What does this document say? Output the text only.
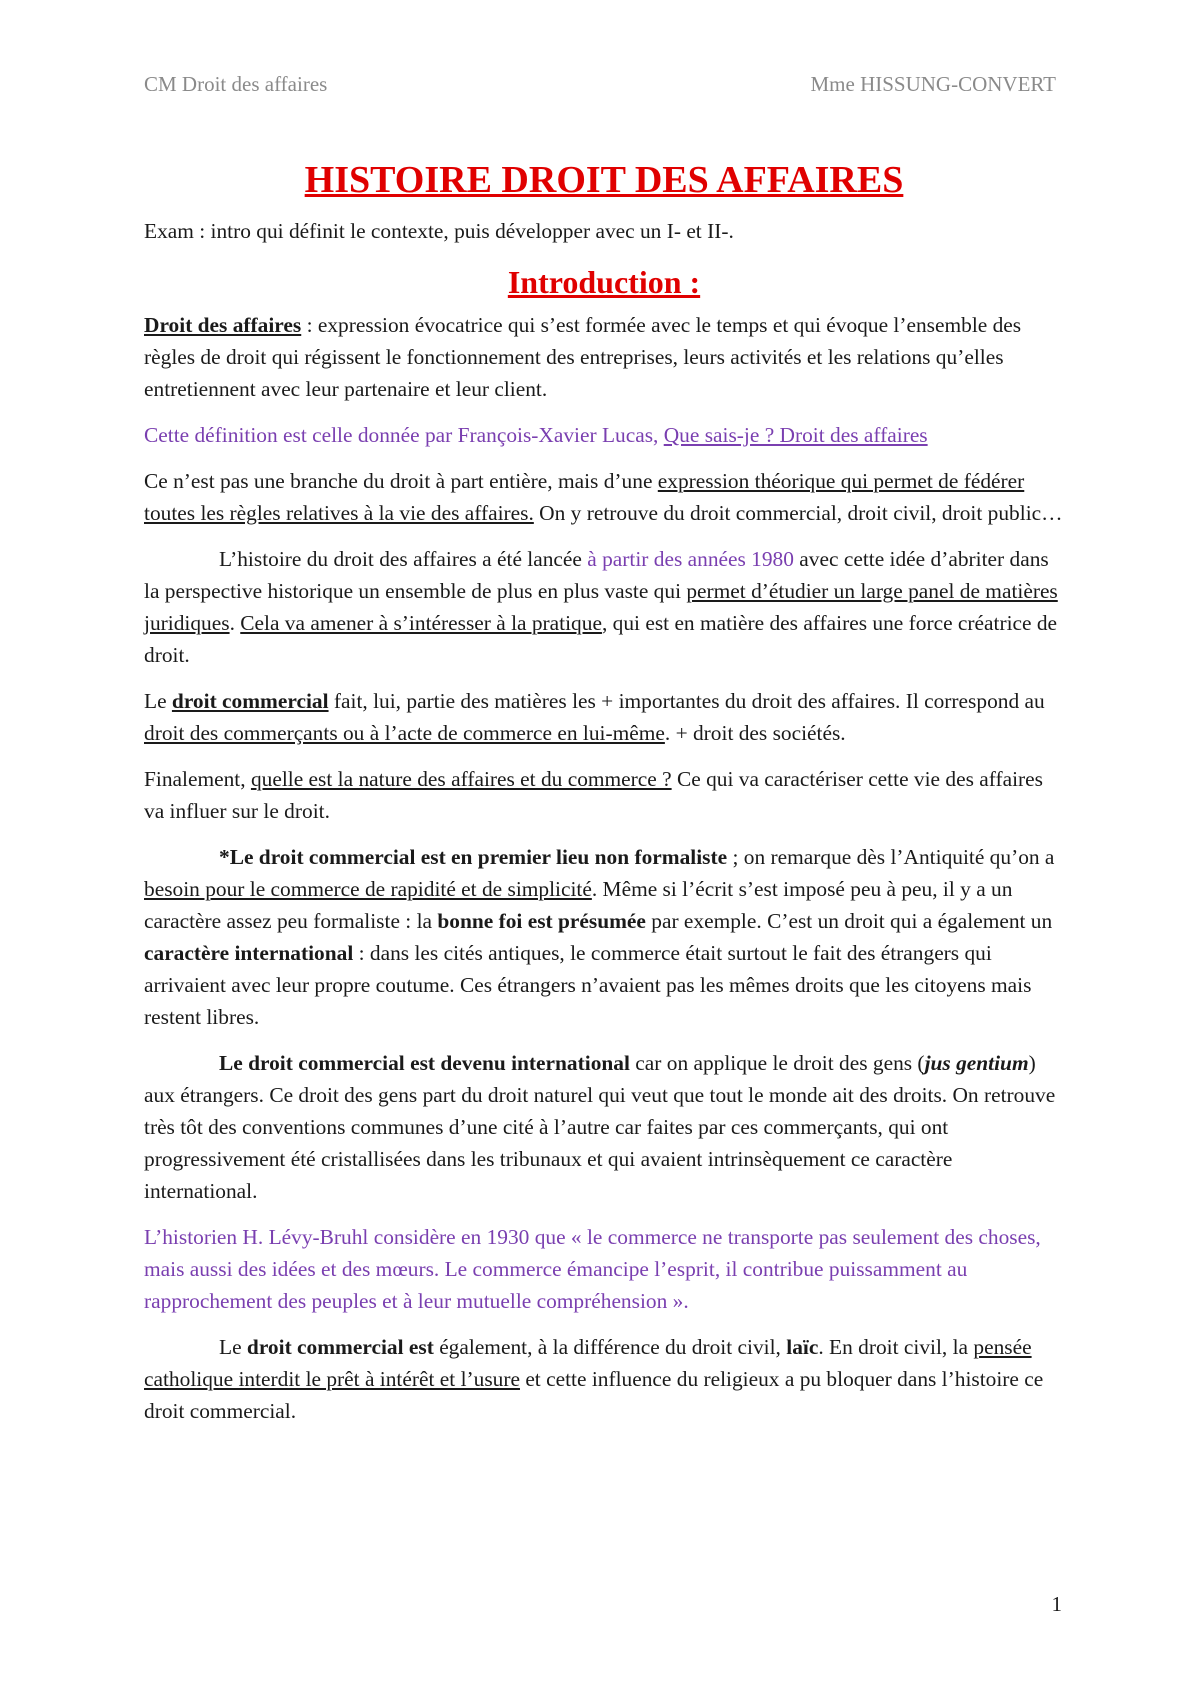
CM Droit des affaires	Mme HISSUNG-CONVERT
HISTOIRE DROIT DES AFFAIRES

Exam : intro qui définit le contexte, puis développer avec un I- et II-.

Introduction :

Droit des affaires : expression évocatrice qui s’est formée avec le temps et qui évoque l’ensemble des règles de droit qui régissent le fonctionnement des entreprises, leurs activités et les relations qu’elles entretiennent avec leur partenaire et leur client.

Cette définition est celle donnée par François-Xavier Lucas, Que sais-je ? Droit des affaires

Ce n’est pas une branche du droit à part entière, mais d’une expression théorique qui permet de fédérer toutes les règles relatives à la vie des affaires. On y retrouve du droit commercial, droit civil, droit public…

L’histoire du droit des affaires a été lancée à partir des années 1980 avec cette idée d’abriter dans la perspective historique un ensemble de plus en plus vaste qui permet d’étudier un large panel de matières juridiques. Cela va amener à s’intéresser à la pratique, qui est en matière des affaires une force créatrice de droit.

Le droit commercial fait, lui, partie des matières les + importantes du droit des affaires. Il correspond au droit des commerçants ou à l’acte de commerce en lui-même. + droit des sociétés.

Finalement, quelle est la nature des affaires et du commerce ? Ce qui va caractériser cette vie des affaires va influer sur le droit.

*Le droit commercial est en premier lieu non formaliste ; on remarque dès l’Antiquité qu’on a besoin pour le commerce de rapidité et de simplicité. Même si l’écrit s’est imposé peu à peu, il y a un caractère assez peu formaliste : la bonne foi est présumée par exemple. C’est un droit qui a également un caractère international : dans les cités antiques, le commerce était surtout le fait des étrangers qui arrivaient avec leur propre coutume. Ces étrangers n’avaient pas les mêmes droits que les citoyens mais restent libres.

Le droit commercial est devenu international car on applique le droit des gens (jus gentium) aux étrangers. Ce droit des gens part du droit naturel qui veut que tout le monde ait des droits. On retrouve très tôt des conventions communes d’une cité à l’autre car faites par ces commerçants, qui ont progressivement été cristallisées dans les tribunaux et qui avaient intrinsèquement ce caractère international.

L’historien H. Lévy-Bruhl considère en 1930 que « le commerce ne transporte pas seulement des choses, mais aussi des idées et des mœurs. Le commerce émancipe l’esprit, il contribue puissamment au rapprochement des peuples et à leur mutuelle compréhension ».

Le droit commercial est également, à la différence du droit civil, laïc. En droit civil, la pensée catholique interdit le prêt à intérêt et l’usure et cette influence du religieux a pu bloquer dans l’histoire ce droit commercial.

1
